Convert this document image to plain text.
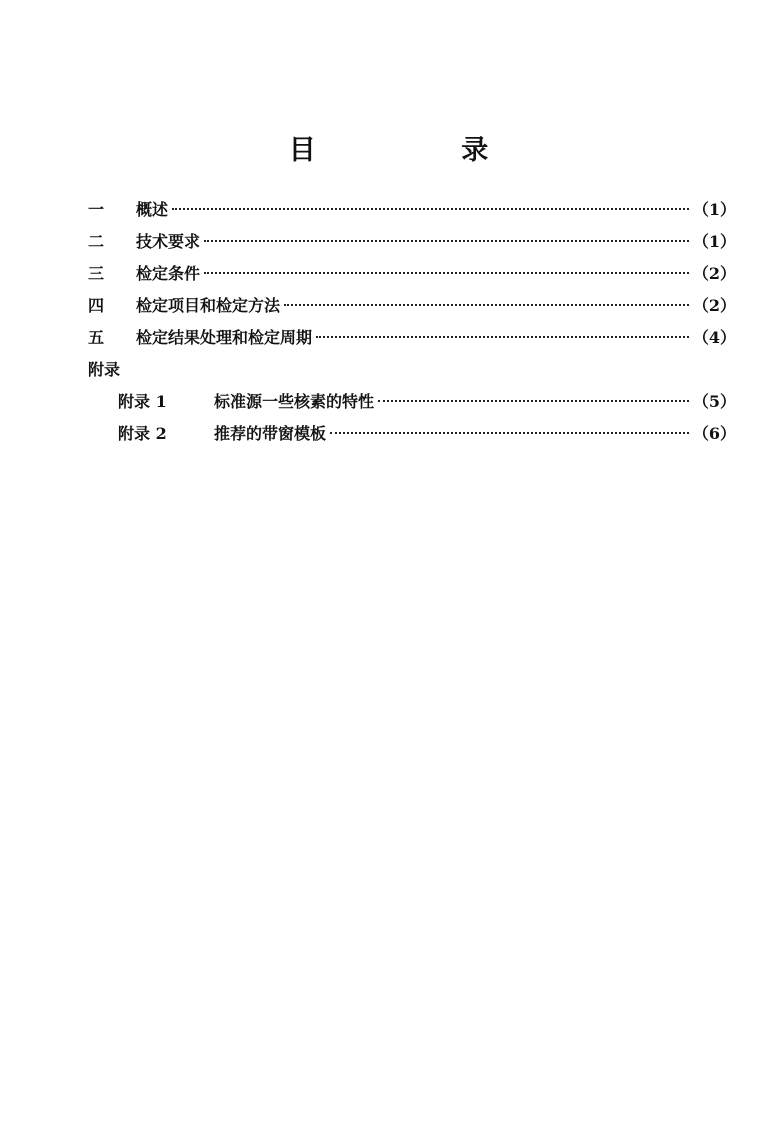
目 录
一	概述	（1）
二	技术要求	（1）
三	检定条件	（2）
四	检定项目和检定方法	（2）
五	检定结果处理和检定周期	（4）
附录
附录 1	标准源一些核素的特性	（5）
附录 2	推荐的带窗模板	（6）
